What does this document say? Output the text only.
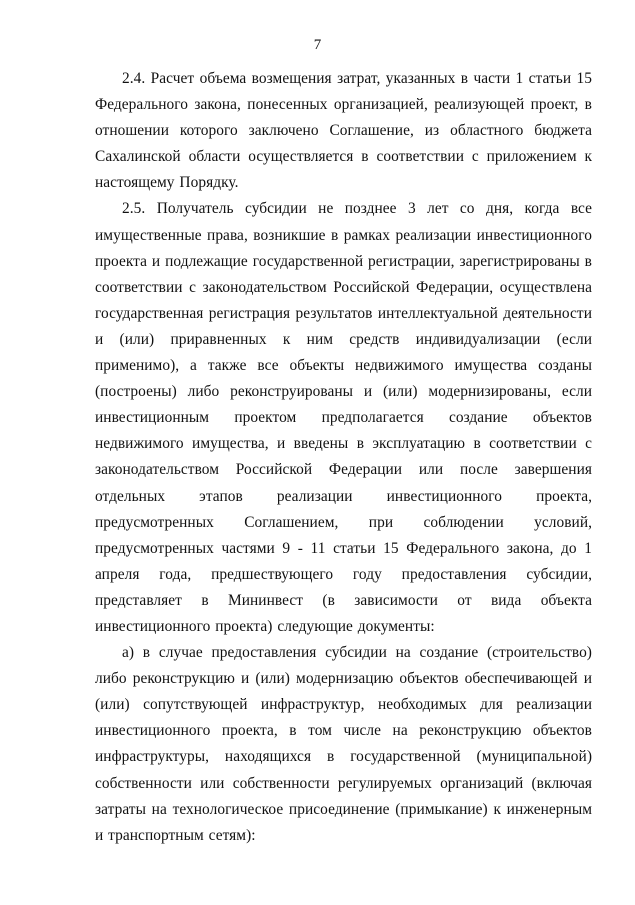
7

2.4. Расчет объема возмещения затрат, указанных в части 1 статьи 15 Федерального закона, понесенных организацией, реализующей проект, в отношении которого заключено Соглашение, из областного бюджета Сахалинской области осуществляется в соответствии с приложением к настоящему Порядку.

2.5. Получатель субсидии не позднее 3 лет со дня, когда все имущественные права, возникшие в рамках реализации инвестиционного проекта и подлежащие государственной регистрации, зарегистрированы в соответствии с законодательством Российской Федерации, осуществлена государственная регистрация результатов интеллектуальной деятельности и (или) приравненных к ним средств индивидуализации (если применимо), а также все объекты недвижимого имущества созданы (построены) либо реконструированы и (или) модернизированы, если инвестиционным проектом предполагается создание объектов недвижимого имущества, и введены в эксплуатацию в соответствии с законодательством Российской Федерации или после завершения отдельных этапов реализации инвестиционного проекта, предусмотренных Соглашением, при соблюдении условий, предусмотренных частями 9 - 11 статьи 15 Федерального закона, до 1 апреля года, предшествующего году предоставления субсидии, представляет в Мининвест (в зависимости от вида объекта инвестиционного проекта) следующие документы:

а) в случае предоставления субсидии на создание (строительство) либо реконструкцию и (или) модернизацию объектов обеспечивающей и (или) сопутствующей инфраструктур, необходимых для реализации инвестиционного проекта, в том числе на реконструкцию объектов инфраструктуры, находящихся в государственной (муниципальной) собственности или собственности регулируемых организаций (включая затраты на технологическое присоединение (примыкание) к инженерным и транспортным сетям):
